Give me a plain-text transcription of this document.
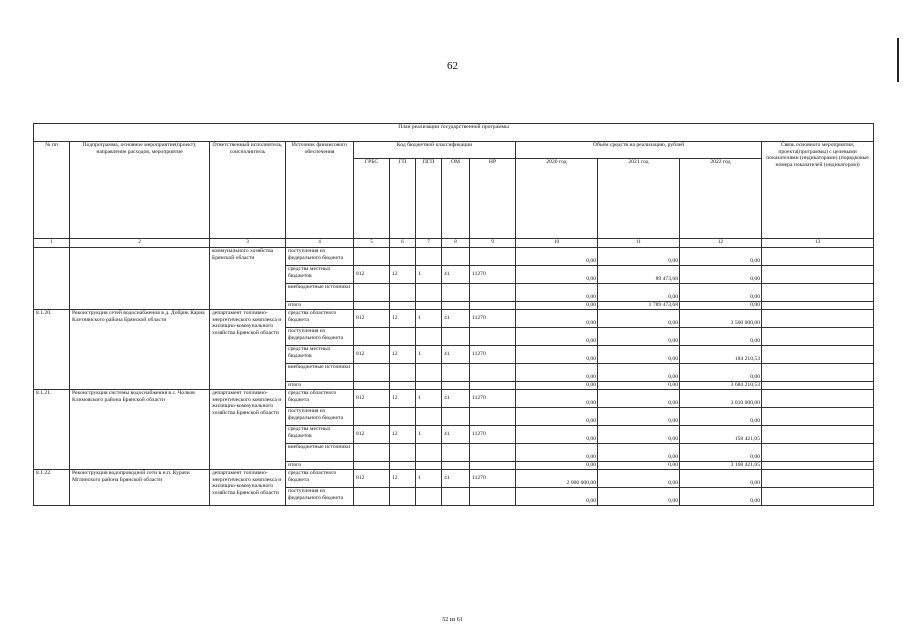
62
План реализации государственной программы												
№ пп	Подпрограмма, основное мероприятие(проект), направление расходов, мероприятие	Ответственный исполнитель, соисполнитель	Источник финансового обеспечения	Код бюджетной классификации					Объём средств на реализацию, рублей			Связь основного мероприятия, проекта(программы) с целевыми показателями (индикаторами) (порядковые номера показателей (индикаторов))
				ГРБС	ГП	ПГП	ОМ	НР	2020 год	2021 год	2022 год	
1	2	3	4	5	6	7	8	9	10	11	12	13
		коммунального хозяйства Брянской области	поступления из федерального бюджета						0,00	0,00	0,00	
			средства местных бюджетов	812	12	1	41	11270	0,00	89 473,68	0,00	
			внебюджетные источники						0,00	0,00	0,00	
			итого						0,00	1 789 473,68	0,00	
8.1.20.	Реконструкция сетей водоснабжения в д. Добрик Карна Клетнянского района Брянской области	департамент топливно-энергетического комплекса и жилищно-коммунального хозяйства Брянской области	средства областного бюджета	812	12	1	41	11270	0,00	0,00	3 500 000,00	
			поступления из федерального бюджета						0,00	0,00	0,00	
			средства местных бюджетов	812	12	1	41	11270	0,00	0,00	184 210,53	
			внебюджетные источники						0,00	0,00	0,00	
			итого						0,00	0,00	3 684 210,53	
8.1.21.	Реконструкция системы водоснабжения в с. Чолков Климовского района Брянской области	департамент топливно-энергетического комплекса и жилищно-коммунального хозяйства Брянской области	средства областного бюджета	812	12	1	41	11270	0,00	0,00	3 010 000,00	
			поступления из федерального бюджета						0,00	0,00	0,00	
			средства местных бюджетов	812	12	1	41	11270	0,00	0,00	158 421,05	
			внебюджетные источники						0,00	0,00	0,00	
			итого						0,00	0,00	3 168 421,05	
8.1.22.	Реконструкция водопроводной сети в н.п. Курачи Мглинского района Брянской области	департамент топливно-энергетического комплекса и жилищно-коммунального хозяйства Брянской области	средства областного бюджета	812	12	1	41	11270	2 000 000,00	0,00	0,00	
			поступления из федерального бюджета						0,00	0,00	0,00	
52 из 61
